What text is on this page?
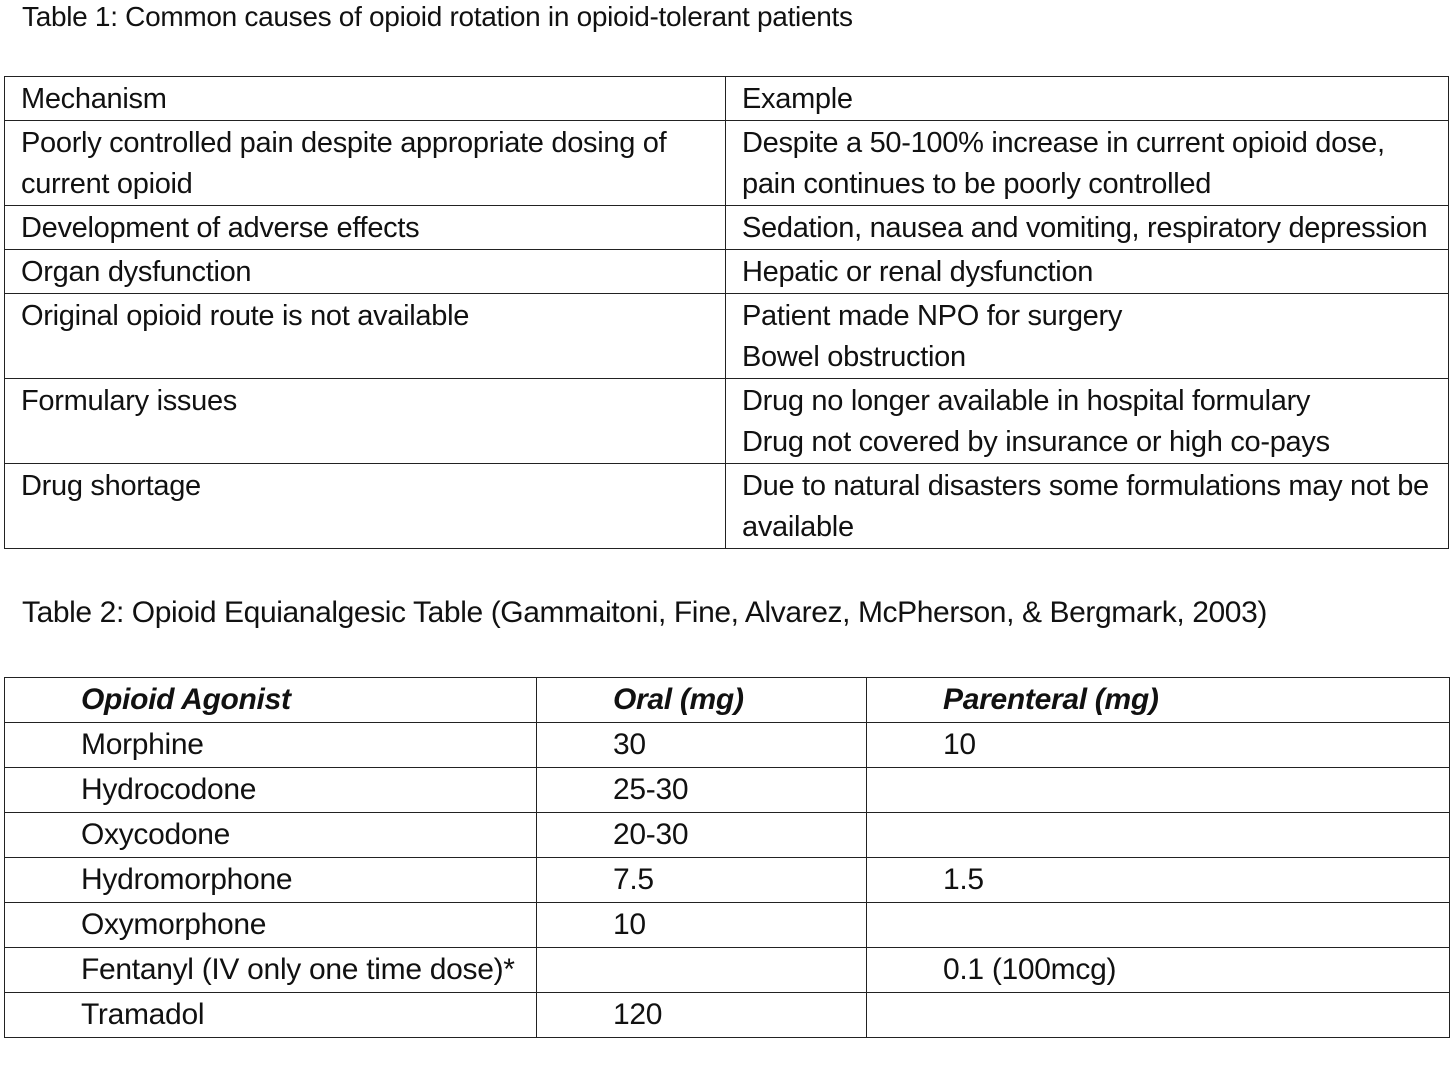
Table 1: Common causes of opioid rotation in opioid-tolerant patients

Mechanism	Example
Poorly controlled pain despite appropriate dosing of current opioid	Despite a 50-100% increase in current opioid dose, pain continues to be poorly controlled

Development of adverse effects	Sedation, nausea and vomiting, respiratory depression

Organ dysfunction	Hepatic or renal dysfunction

Original opioid route is not available	Patient made NPO for surgery
Bowel obstruction

Formulary issues	Drug no longer available in hospital formulary
Drug not covered by insurance or high co-pays

Drug shortage	Due to natural disasters some formulations may not be available

Table 2: Opioid Equianalgesic Table (Gammaitoni, Fine, Alvarez, McPherson, & Bergmark, 2003)

Opioid Agonist	Oral (mg)	Parenteral (mg)
Morphine	30	10
Hydrocodone	25-30	
Oxycodone	20-30	
Hydromorphone	7.5	1.5
Oxymorphone	10	
Fentanyl (IV only one time dose)*		0.1 (100mcg)
Tramadol	120	
